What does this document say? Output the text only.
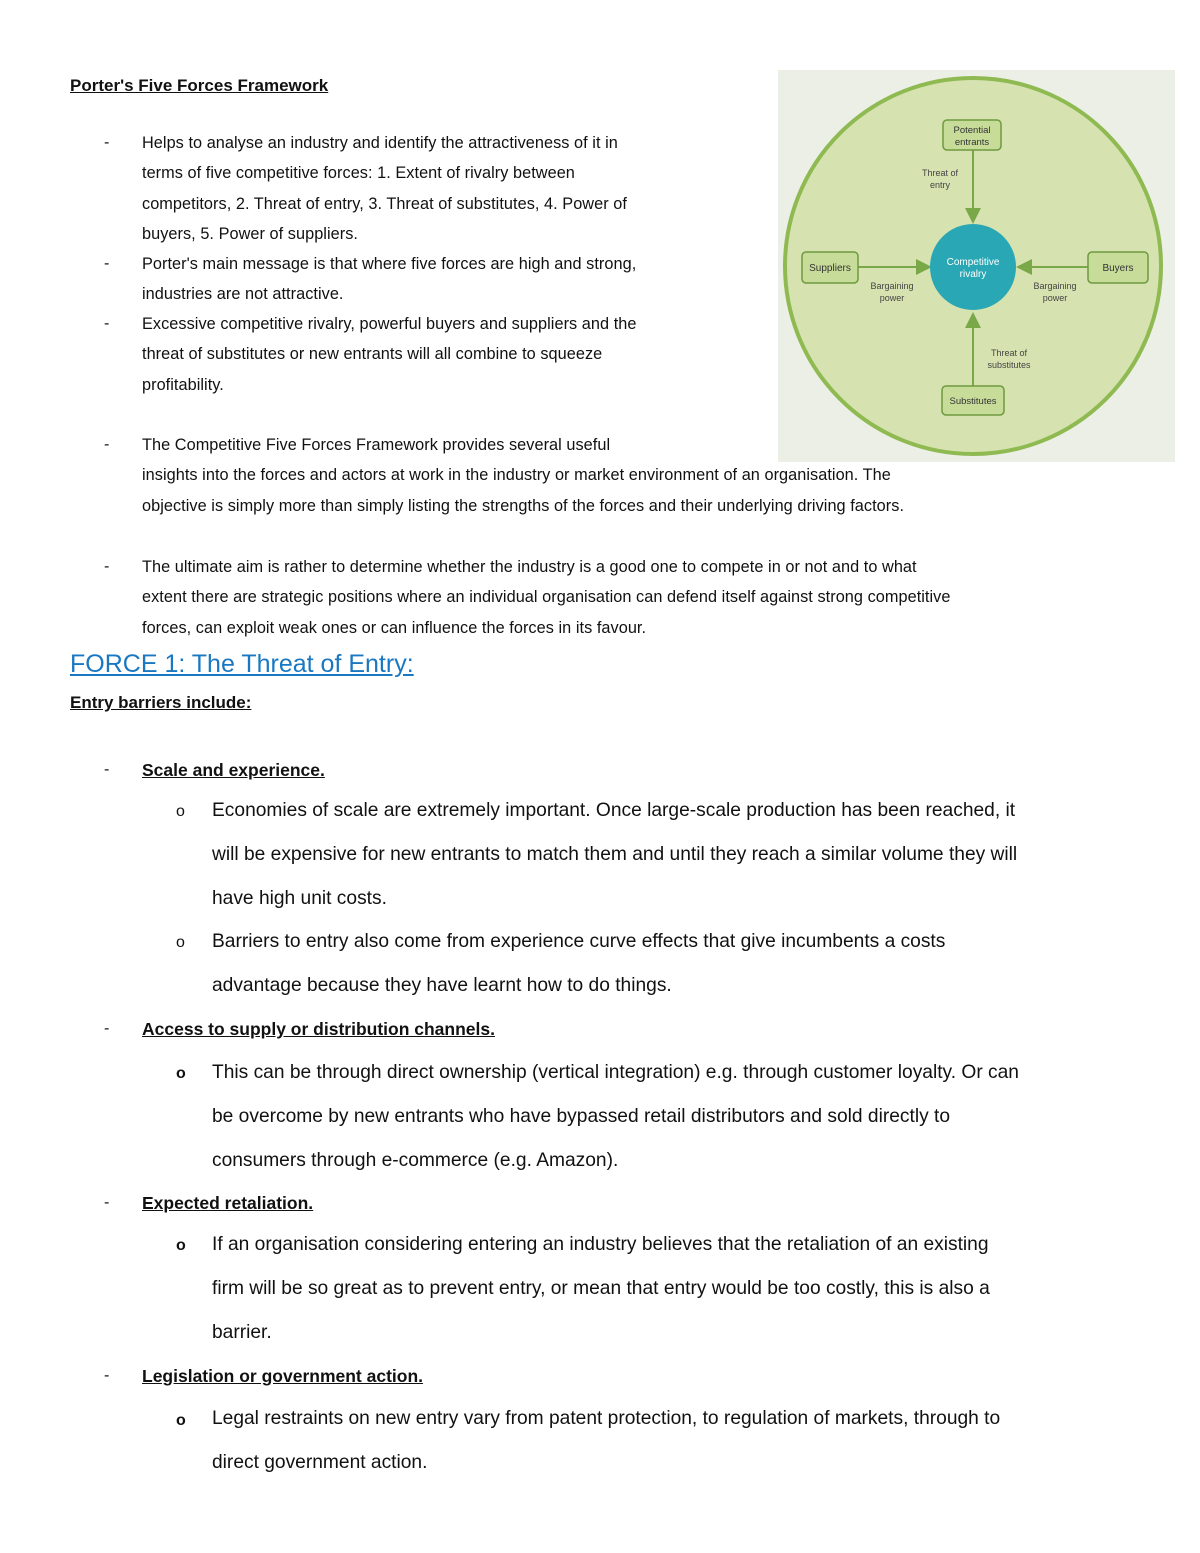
Porter's Five Forces Framework
- Helps to analyse an industry and identify the attractiveness of it in
terms of five competitive forces: 1. Extent of rivalry between
competitors, 2. Threat of entry, 3. Threat of substitutes, 4. Power of
buyers, 5. Power of suppliers.
- Porter's main message is that where five forces are high and strong,
industries are not attractive.
- Excessive competitive rivalry, powerful buyers and suppliers and the
threat of substitutes or new entrants will all combine to squeeze
profitability.
- The Competitive Five Forces Framework provides several useful
insights into the forces and actors at work in the industry or market environment of an organisation. The
objective is simply more than simply listing the strengths of the forces and their underlying driving factors.
- The ultimate aim is rather to determine whether the industry is a good one to compete in or not and to what
extent there are strategic positions where an individual organisation can defend itself against strong competitive
forces, can exploit weak ones or can influence the forces in its favour.
Competitive
rivalry
Potential
entrants
Threat of
entry
Suppliers
Bargaining
power
Buyers
Bargaining
power
Threat of
substitutes
Substitutes
FORCE 1: The Threat of Entry:
Entry barriers include:
- Scale and experience.
o Economies of scale are extremely important. Once large-scale production has been reached, it
will be expensive for new entrants to match them and until they reach a similar volume they will
have high unit costs.
o Barriers to entry also come from experience curve effects that give incumbents a costs
advantage because they have learnt how to do things.
- Access to supply or distribution channels.
o This can be through direct ownership (vertical integration) e.g. through customer loyalty. Or can
be overcome by new entrants who have bypassed retail distributors and sold directly to
consumers through e-commerce (e.g. Amazon).
- Expected retaliation.
o If an organisation considering entering an industry believes that the retaliation of an existing
firm will be so great as to prevent entry, or mean that entry would be too costly, this is also a
barrier.
- Legislation or government action.
o Legal restraints on new entry vary from patent protection, to regulation of markets, through to
direct government action.
